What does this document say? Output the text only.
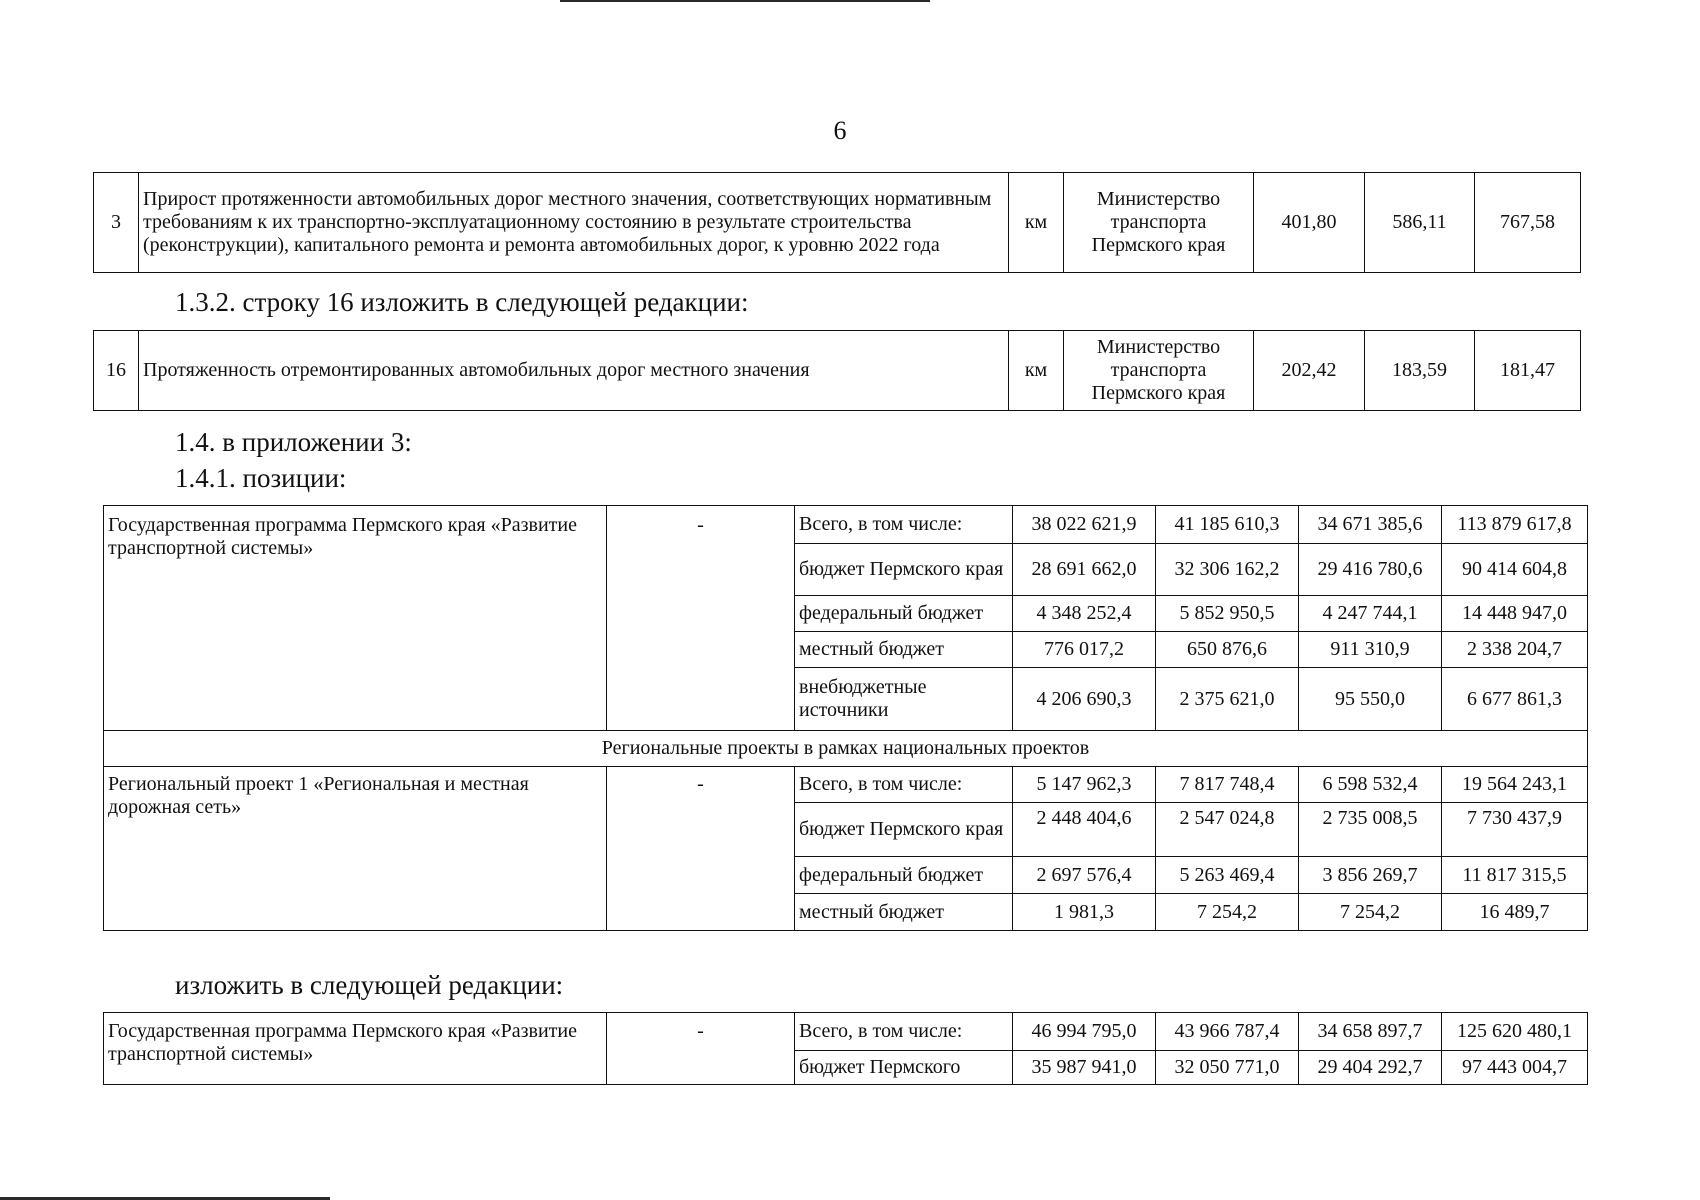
6
3	Прирост протяженности автомобильных дорог местного значения, соответствующих нормативным требованиям к их транспортно-эксплуатационному состоянию в результате строительства (реконструкции), капитального ремонта и ремонта автомобильных дорог, к уровню 2022 года	км	Министерство транспорта Пермского края	401,80	586,11	767,58
1.3.2. строку 16 изложить в следующей редакции:
16	Протяженность отремонтированных автомобильных дорог местного значения	км	Министерство транспорта Пермского края	202,42	183,59	181,47
1.4. в приложении 3:
1.4.1. позиции:
Государственная программа Пермского края «Развитие транспортной системы»	-	Всего, в том числе:	38 022 621,9	41 185 610,3	34 671 385,6	113 879 617,8
		бюджет Пермского края	28 691 662,0	32 306 162,2	29 416 780,6	90 414 604,8
		федеральный бюджет	4 348 252,4	5 852 950,5	4 247 744,1	14 448 947,0
		местный бюджет	776 017,2	650 876,6	911 310,9	2 338 204,7
		внебюджетные источники	4 206 690,3	2 375 621,0	95 550,0	6 677 861,3
Региональные проекты в рамках национальных проектов						
Региональный проект 1 «Региональная и местная дорожная сеть»	-	Всего, в том числе:	5 147 962,3	7 817 748,4	6 598 532,4	19 564 243,1
		бюджет Пермского края	2 448 404,6	2 547 024,8	2 735 008,5	7 730 437,9
		федеральный бюджет	2 697 576,4	5 263 469,4	3 856 269,7	11 817 315,5
		местный бюджет	1 981,3	7 254,2	7 254,2	16 489,7
изложить в следующей редакции:
Государственная программа Пермского края «Развитие транспортной системы»	-	Всего, в том числе:	46 994 795,0	43 966 787,4	34 658 897,7	125 620 480,1
		бюджет Пермского	35 987 941,0	32 050 771,0	29 404 292,7	97 443 004,7
